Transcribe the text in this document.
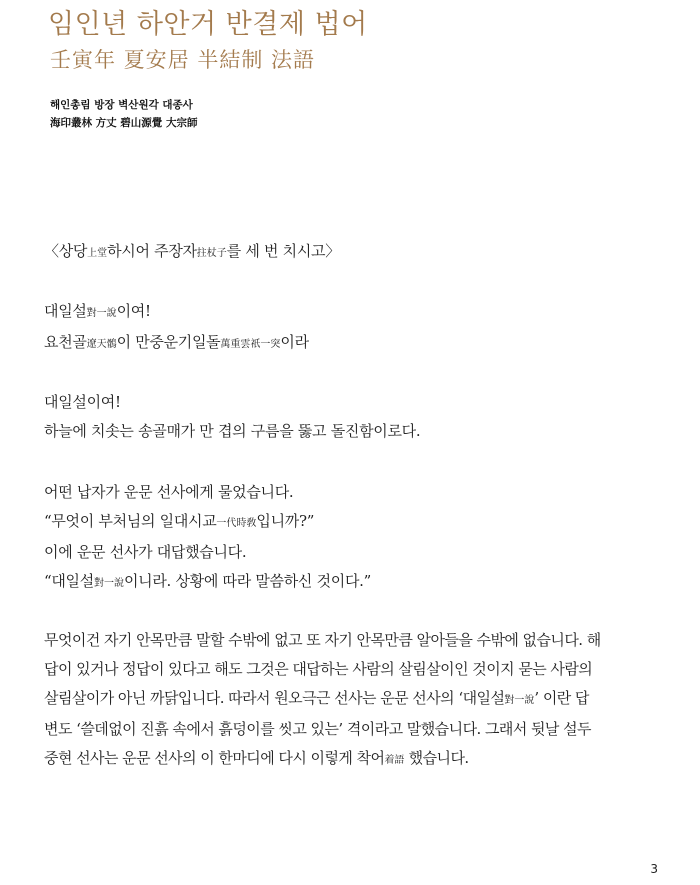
임인년 하안거 반결제 법어
壬寅年 夏安居 半結制 法語
해인총림 방장 벽산원각 대종사
海印叢林 方丈 碧山源覺 大宗師
〈상당上堂하시어 주장자拄杖子를 세 번 치시고〉
대일설對一說이여!
요천골遼天鶻이 만중운기일돌萬重雲祇一突이라
대일설이여!
하늘에 치솟는 송골매가 만 겹의 구름을 뚫고 돌진함이로다.
어떤 납자가 운문 선사에게 물었습니다.
“무엇이 부처님의 일대시교一代時敎입니까?”
이에 운문 선사가 대답했습니다.
“대일설對一說이니라. 상황에 따라 말씀하신 것이다.”
무엇이건 자기 안목만큼 말할 수밖에 없고 또 자기 안목만큼 알아들을 수밖에 없습니다. 해
답이 있거나 정답이 있다고 해도 그것은 대답하는 사람의 살림살이인 것이지 묻는 사람의
살림살이가 아닌 까닭입니다. 따라서 원오극근 선사는 운문 선사의 ‘대일설對一說’ 이란 답
변도 ‘쓸데없이 진흙 속에서 흙덩이를 씻고 있는’ 격이라고 말했습니다. 그래서 뒷날 설두
중현 선사는 운문 선사의 이 한마디에 다시 이렇게 착어着語 했습니다.
3
